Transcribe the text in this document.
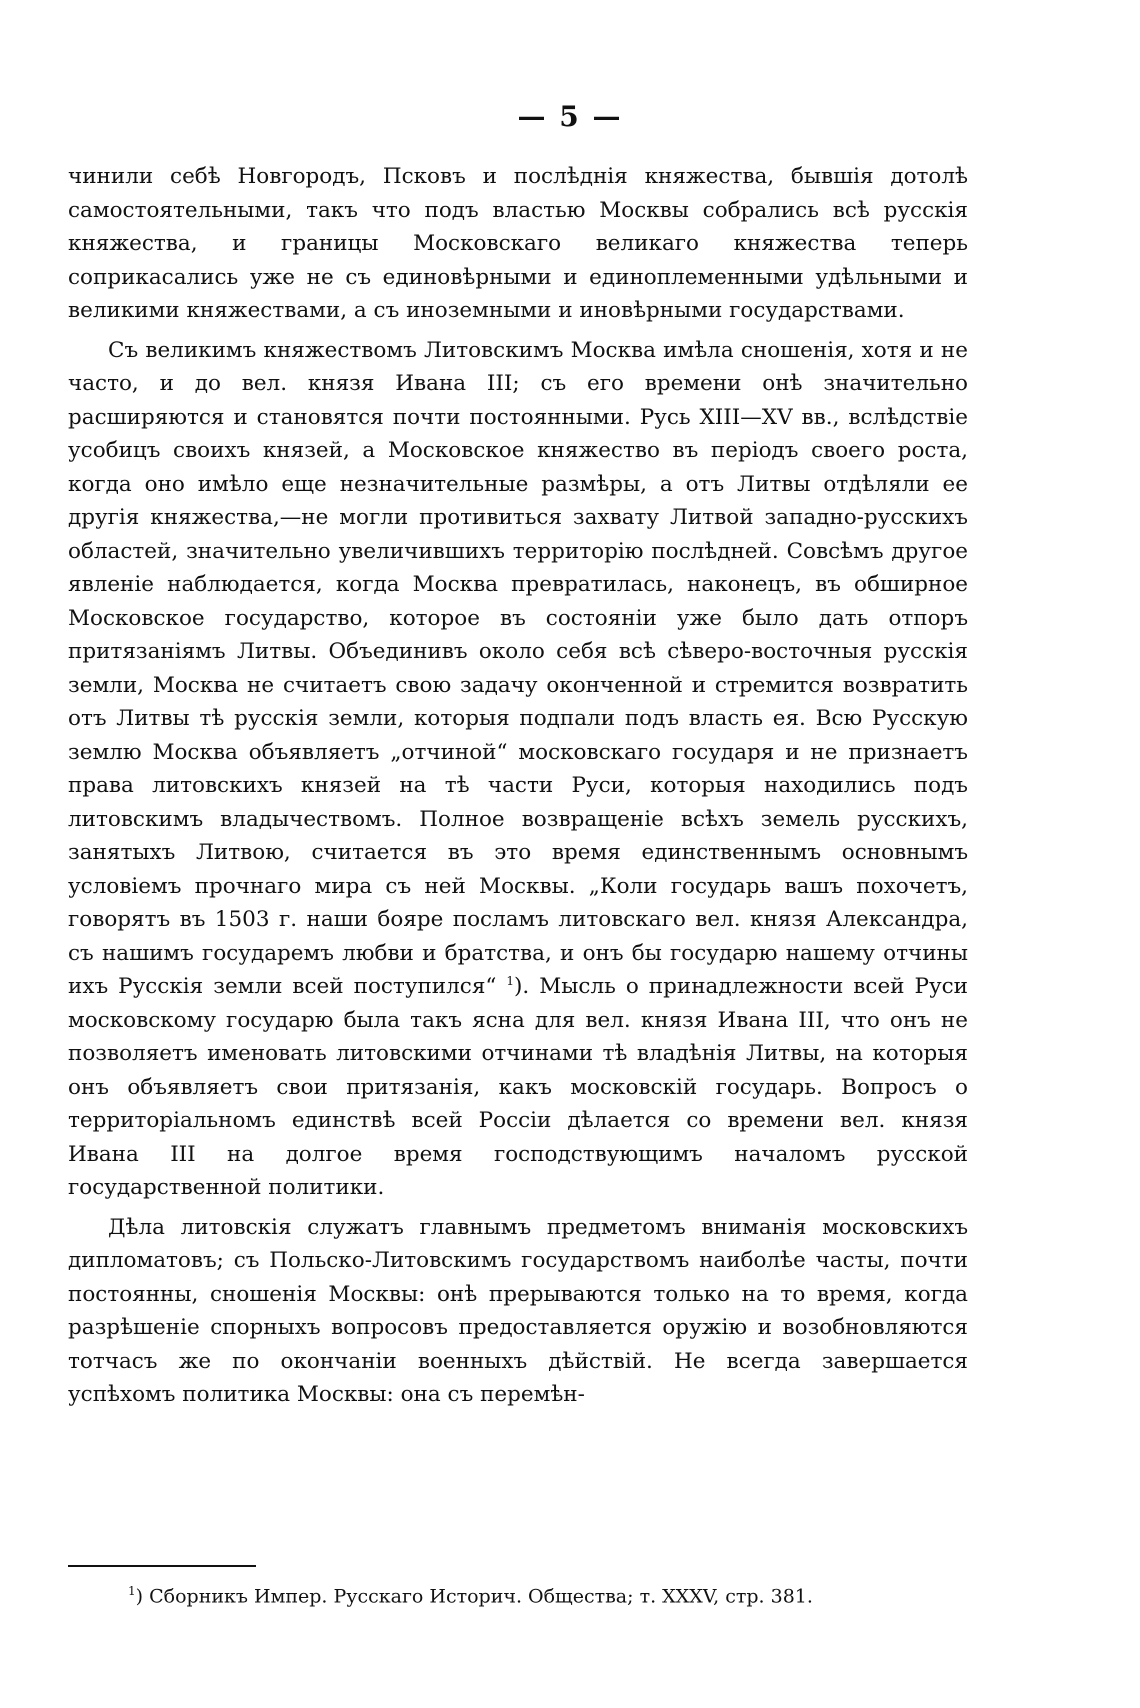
— 5 —

чинили себѣ Новгородъ, Псковъ и послѣднія княжества, бывшія дотолѣ самостоятельными, такъ что подъ властью Москвы собрались всѣ русскія княжества, и границы Московскаго великаго княжества теперь соприкасались уже не съ единовѣрными и единоплеменными удѣльными и великими княжествами, а съ иноземными и иновѣрными государствами.

Съ великимъ княжествомъ Литовскимъ Москва имѣла сношенія, хотя и не часто, и до вел. князя Ивана III; съ его времени онѣ значительно расширяются и становятся почти постоянными. Русь XIII—XV вв., вслѣдствіе усобицъ своихъ князей, а Московское княжество въ періодъ своего роста, когда оно имѣло еще незначительные размѣры, а отъ Литвы отдѣляли ее другія княжества,—не могли противиться захвату Литвой западно-русскихъ областей, значительно увеличившихъ территорію послѣдней. Совсѣмъ другое явленіе наблюдается, когда Москва превратилась, наконецъ, въ обширное Московское государство, которое въ состояніи уже было дать отпоръ притязаніямъ Литвы. Объединивъ около себя всѣ сѣверо-восточныя русскія земли, Москва не считаетъ свою задачу оконченной и стремится возвратить отъ Литвы тѣ русскія земли, которыя подпали подъ власть ея. Всю Русскую землю Москва объявляетъ „отчиной“ московскаго государя и не признаетъ права литовскихъ князей на тѣ части Руси, которыя находились подъ литовскимъ владычествомъ. Полное возвращеніе всѣхъ земель русскихъ, занятыхъ Литвою, считается въ это время единственнымъ основнымъ условіемъ прочнаго мира съ ней Москвы. „Коли государь вашъ похочетъ, говорятъ въ 1503 г. наши бояре посламъ литовскаго вел. князя Александра, съ нашимъ государемъ любви и братства, и онъ бы государю нашему отчины ихъ Русскія земли всей поступился“ $^1$). Мысль о принадлежности всей Руси московскому государю была такъ ясна для вел. князя Ивана III, что онъ не позволяетъ именовать литовскими отчинами тѣ владѣнія Литвы, на которыя онъ объявляетъ свои притязанія, какъ московскій государь. Вопросъ о территоріальномъ единствѣ всей Россіи дѣлается со времени вел. князя Ивана III на долгое время господствующимъ началомъ русской государственной политики.

Дѣла литовскія служатъ главнымъ предметомъ вниманія московскихъ дипломатовъ; съ Польско-Литовскимъ государствомъ наиболѣе часты, почти постоянны, сношенія Москвы: онѣ прерываются только на то время, когда разрѣшеніе спорныхъ вопросовъ предоставляется оружію и возобновляются тотчасъ же по окончаніи военныхъ дѣйствій. Не всегда завершается успѣхомъ политика Москвы: она съ перемѣн-

$^1$) Сборникъ Импер. Русскаго Историч. Общества; т. XXXV, стр. 381.
